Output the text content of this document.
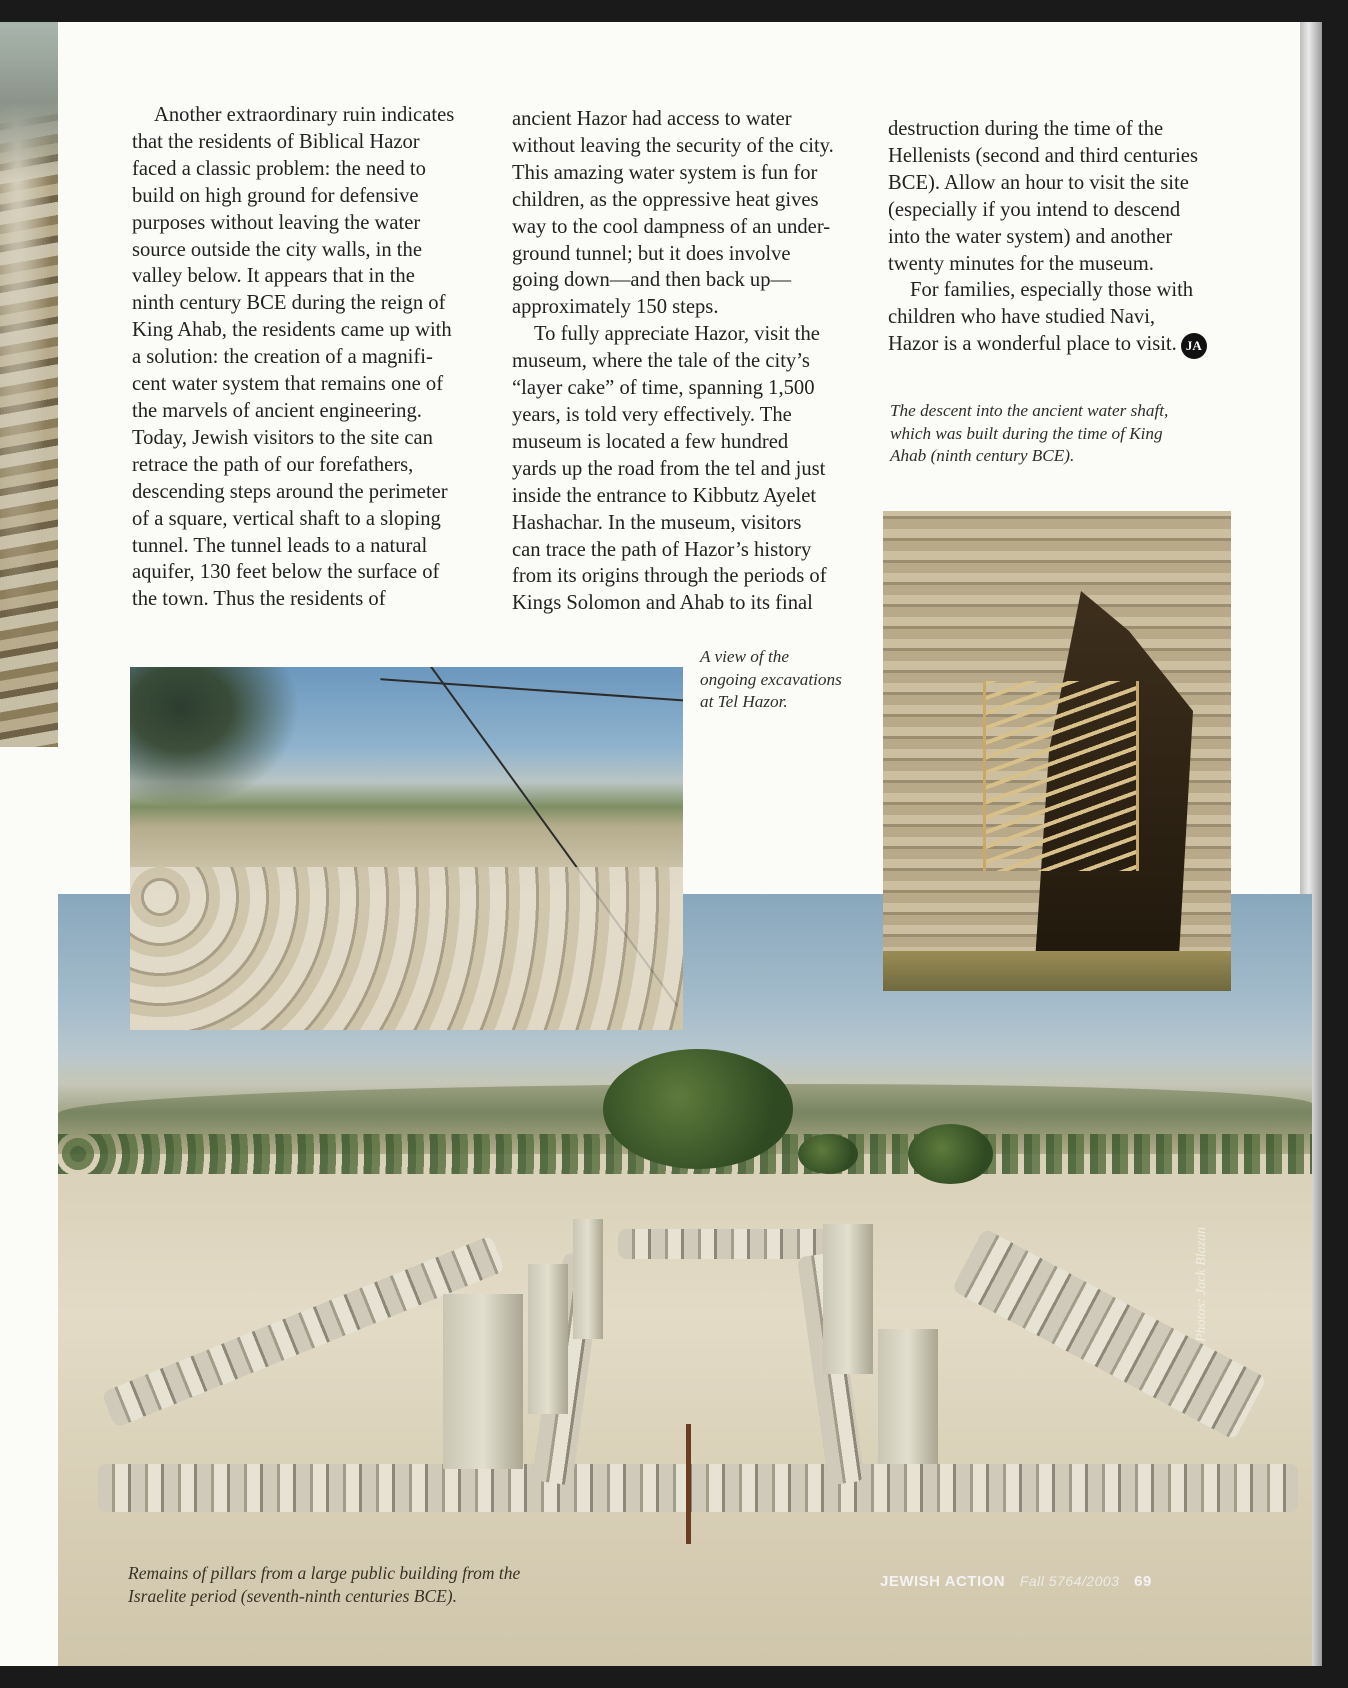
Another extraordinary ruin indicates
that the residents of Biblical Hazor
faced a classic problem: the need to
build on high ground for defensive
purposes without leaving the water
source outside the city walls, in the
valley below. It appears that in the
ninth century BCE during the reign of
King Ahab, the residents came up with
a solution: the creation of a magnifi-
cent water system that remains one of
the marvels of ancient engineering.
Today, Jewish visitors to the site can
retrace the path of our forefathers,
descending steps around the perimeter
of a square, vertical shaft to a sloping
tunnel. The tunnel leads to a natural
aquifer, 130 feet below the surface of
the town. Thus the residents of
ancient Hazor had access to water
without leaving the security of the city.
This amazing water system is fun for
children, as the oppressive heat gives
way to the cool dampness of an under-
ground tunnel; but it does involve
going down—and then back up—
approximately 150 steps.
To fully appreciate Hazor, visit the
museum, where the tale of the city’s
“layer cake” of time, spanning 1,500
years, is told very effectively. The
museum is located a few hundred
yards up the road from the tel and just
inside the entrance to Kibbutz Ayelet
Hashachar. In the museum, visitors
can trace the path of Hazor’s history
from its origins through the periods of
Kings Solomon and Ahab to its final
destruction during the time of the
Hellenists (second and third centuries
BCE). Allow an hour to visit the site
(especially if you intend to descend
into the water system) and another
twenty minutes for the museum.
For families, especially those with
children who have studied Navi,
Hazor is a wonderful place to visit. JA
The descent into the ancient water shaft,
which was built during the time of King
Ahab (ninth century BCE).
A view of the
ongoing excavations
at Tel Hazor.
Remains of pillars from a large public building from the
Israelite period (seventh-ninth centuries BCE).
Photos: Jack Blazan
JEWISH ACTION Fall 5764/2003 69
